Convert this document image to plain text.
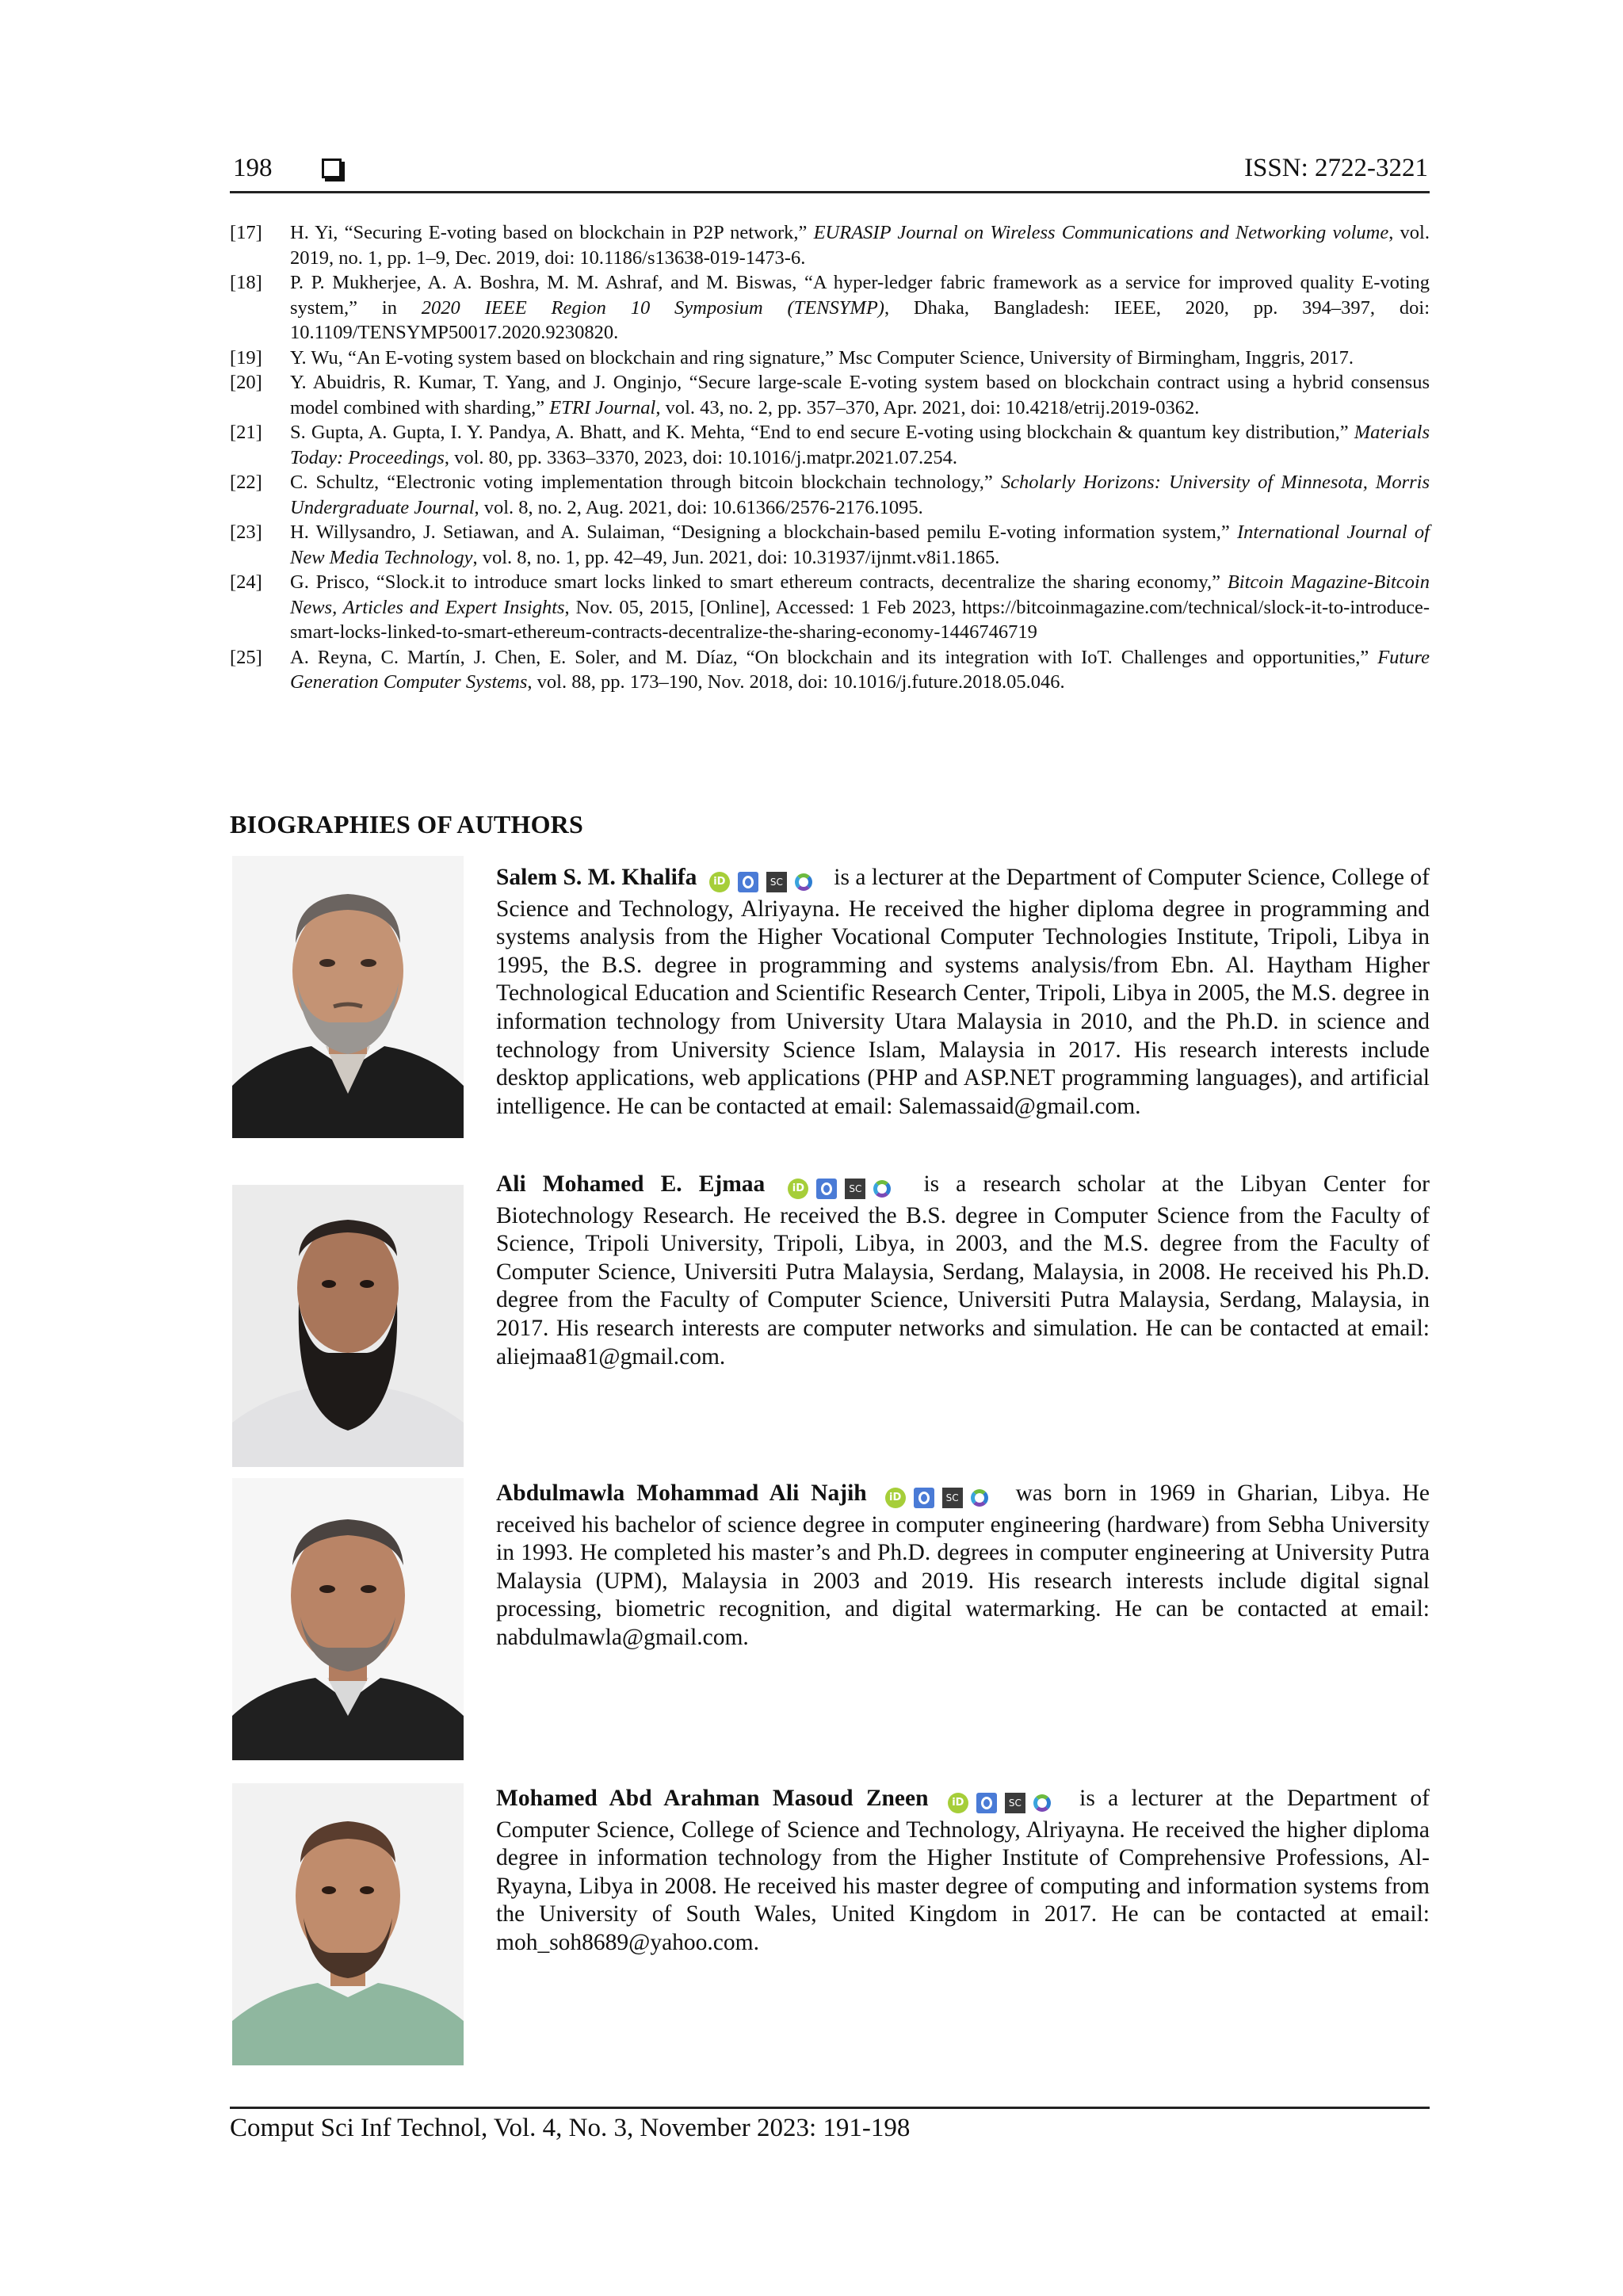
198	ISSN: 2722-3221
[17]	H. Yi, “Securing E-voting based on blockchain in P2P network,” EURASIP Journal on Wireless Communications and Networking volume, vol. 2019, no. 1, pp. 1–9, Dec. 2019, doi: 10.1186/s13638-019-1473-6.
[18]	P. P. Mukherjee, A. A. Boshra, M. M. Ashraf, and M. Biswas, “A hyper-ledger fabric framework as a service for improved quality E-voting system,” in 2020 IEEE Region 10 Symposium (TENSYMP), Dhaka, Bangladesh: IEEE, 2020, pp. 394–397, doi: 10.1109/TENSYMP50017.2020.9230820.
[19]	Y. Wu, “An E-voting system based on blockchain and ring signature,” Msc Computer Science, University of Birmingham, Inggris, 2017.
[20]	Y. Abuidris, R. Kumar, T. Yang, and J. Onginjo, “Secure large-scale E-voting system based on blockchain contract using a hybrid consensus model combined with sharding,” ETRI Journal, vol. 43, no. 2, pp. 357–370, Apr. 2021, doi: 10.4218/etrij.2019-0362.
[21]	S. Gupta, A. Gupta, I. Y. Pandya, A. Bhatt, and K. Mehta, “End to end secure E-voting using blockchain & quantum key distribution,” Materials Today: Proceedings, vol. 80, pp. 3363–3370, 2023, doi: 10.1016/j.matpr.2021.07.254.
[22]	C. Schultz, “Electronic voting implementation through bitcoin blockchain technology,” Scholarly Horizons: University of Minnesota, Morris Undergraduate Journal, vol. 8, no. 2, Aug. 2021, doi: 10.61366/2576-2176.1095.
[23]	H. Willysandro, J. Setiawan, and A. Sulaiman, “Designing a blockchain-based pemilu E-voting information system,” International Journal of New Media Technology, vol. 8, no. 1, pp. 42–49, Jun. 2021, doi: 10.31937/ijnmt.v8i1.1865.
[24]	G. Prisco, “Slock.it to introduce smart locks linked to smart ethereum contracts, decentralize the sharing economy,” Bitcoin Magazine-Bitcoin News, Articles and Expert Insights, Nov. 05, 2015, [Online], Accessed: 1 Feb 2023, https://bitcoinmagazine.com/technical/slock-it-to-introduce-smart-locks-linked-to-smart-ethereum-contracts-decentralize-the-sharing-economy-1446746719
[25]	A. Reyna, C. Martín, J. Chen, E. Soler, and M. Díaz, “On blockchain and its integration with IoT. Challenges and opportunities,” Future Generation Computer Systems, vol. 88, pp. 173–190, Nov. 2018, doi: 10.1016/j.future.2018.05.046.
BIOGRAPHIES OF AUTHORS
Salem S. M. Khalifa iD	SC is a lecturer at the Department of Computer Science, College of Science and Technology, Alriyayna. He received the higher diploma degree in programming and systems analysis from the Higher Vocational Computer Technologies Institute, Tripoli, Libya in 1995, the B.S. degree in programming and systems analysis/from Ebn. Al. Haytham Higher Technological Education and Scientific Research Center, Tripoli, Libya in 2005, the M.S. degree in information technology from University Utara Malaysia in 2010, and the Ph.D. in science and technology from University Science Islam, Malaysia in 2017. His research interests include desktop applications, web applications (PHP and ASP.NET programming languages), and artificial intelligence. He can be contacted at email: Salemassaid@gmail.com.
Ali Mohamed E. Ejmaa	iD	SC	is a research scholar at the Libyan Center for Biotechnology Research. He received the B.S. degree in Computer Science from the Faculty of Science, Tripoli University, Tripoli, Libya, in 2003, and the M.S. degree from the Faculty of Computer Science, Universiti Putra Malaysia, Serdang, Malaysia, in 2008. He received his Ph.D. degree from the Faculty of Computer Science, Universiti Putra Malaysia, Serdang, Malaysia, in 2017. His research interests are computer networks and simulation. He can be contacted at email: aliejmaa81@gmail.com.
Abdulmawla Mohammad Ali Najih iD	SC was born in 1969 in Gharian, Libya. He received his bachelor of science degree in computer engineering (hardware) from Sebha University in 1993. He completed his master’s and Ph.D. degrees in computer engineering at University Putra Malaysia (UPM), Malaysia in 2003 and 2019. His research interests include digital signal processing, biometric recognition, and digital watermarking. He can be contacted at email: nabdulmawla@gmail.com.
Mohamed Abd Arahman Masoud Zneen iD	SC is a lecturer at the Department of Computer Science, College of Science and Technology, Alriyayna. He received the higher diploma degree in information technology from the Higher Institute of Comprehensive Professions, Al-Ryayna, Libya in 2008. He received his master degree of computing and information systems from the University of South Wales, United Kingdom in 2017. He can be contacted at email: moh_soh8689@yahoo.com.
Comput Sci Inf Technol, Vol. 4, No. 3, November 2023: 191-198
